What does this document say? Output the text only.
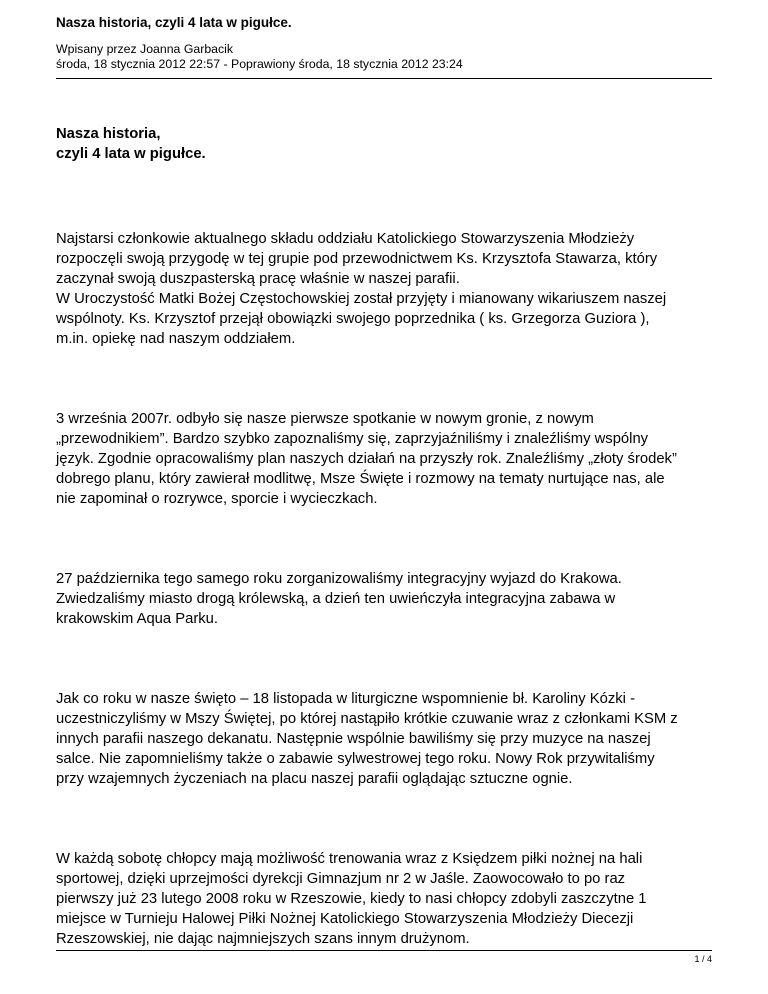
Nasza historia, czyli 4 lata w pigułce.
Wpisany przez Joanna Garbacik
środa, 18 stycznia 2012 22:57 - Poprawiony środa, 18 stycznia 2012 23:24
Nasza historia,
czyli 4 lata w pigułce.

Najstarsi członkowie aktualnego składu oddziału Katolickiego Stowarzyszenia Młodzieży
rozpoczęli swoją przygodę w tej grupie pod przewodnictwem Ks. Krzysztofa Stawarza, który
zaczynał swoją duszpasterską pracę właśnie w naszej parafii.
W Uroczystość Matki Bożej Częstochowskiej został przyjęty i mianowany wikariuszem naszej
wspólnoty. Ks. Krzysztof przejął obowiązki swojego poprzednika ( ks. Grzegorza Guziora ),
m.in. opiekę nad naszym oddziałem.

3 września 2007r. odbyło się nasze pierwsze spotkanie w nowym gronie, z nowym
„przewodnikiem”. Bardzo szybko zapoznaliśmy się, zaprzyjaźniliśmy i znaleźliśmy wspólny
język. Zgodnie opracowaliśmy plan naszych działań na przyszły rok. Znaleźliśmy „złoty środek”
dobrego planu, który zawierał modlitwę, Msze Święte i rozmowy na tematy nurtujące nas, ale
nie zapominał o rozrywce, sporcie i wycieczkach.

27 października tego samego roku zorganizowaliśmy integracyjny wyjazd do Krakowa.
Zwiedzaliśmy miasto drogą królewską, a dzień ten uwieńczyła integracyjna zabawa w
krakowskim Aqua Parku.

Jak co roku w nasze święto – 18 listopada w liturgiczne wspomnienie bł. Karoliny Kózki -
uczestniczyliśmy w Mszy Świętej, po której nastąpiło krótkie czuwanie wraz z członkami KSM z
innych parafii naszego dekanatu. Następnie wspólnie bawiliśmy się przy muzyce na naszej
salce. Nie zapomnieliśmy także o zabawie sylwestrowej tego roku. Nowy Rok przywitaliśmy
przy wzajemnych życzeniach na placu naszej parafii oglądając sztuczne ognie.

W każdą sobotę chłopcy mają możliwość trenowania wraz z Księdzem piłki nożnej na hali
sportowej, dzięki uprzejmości dyrekcji Gimnazjum nr 2 w Jaśle. Zaowocowało to po raz
pierwszy już 23 lutego 2008 roku w Rzeszowie, kiedy to nasi chłopcy zdobyli zaszczytne 1
miejsce w Turnieju Halowej Piłki Nożnej Katolickiego Stowarzyszenia Młodzieży Diecezji
Rzeszowskiej, nie dając najmniejszych szans innym drużynom.

1 / 4
